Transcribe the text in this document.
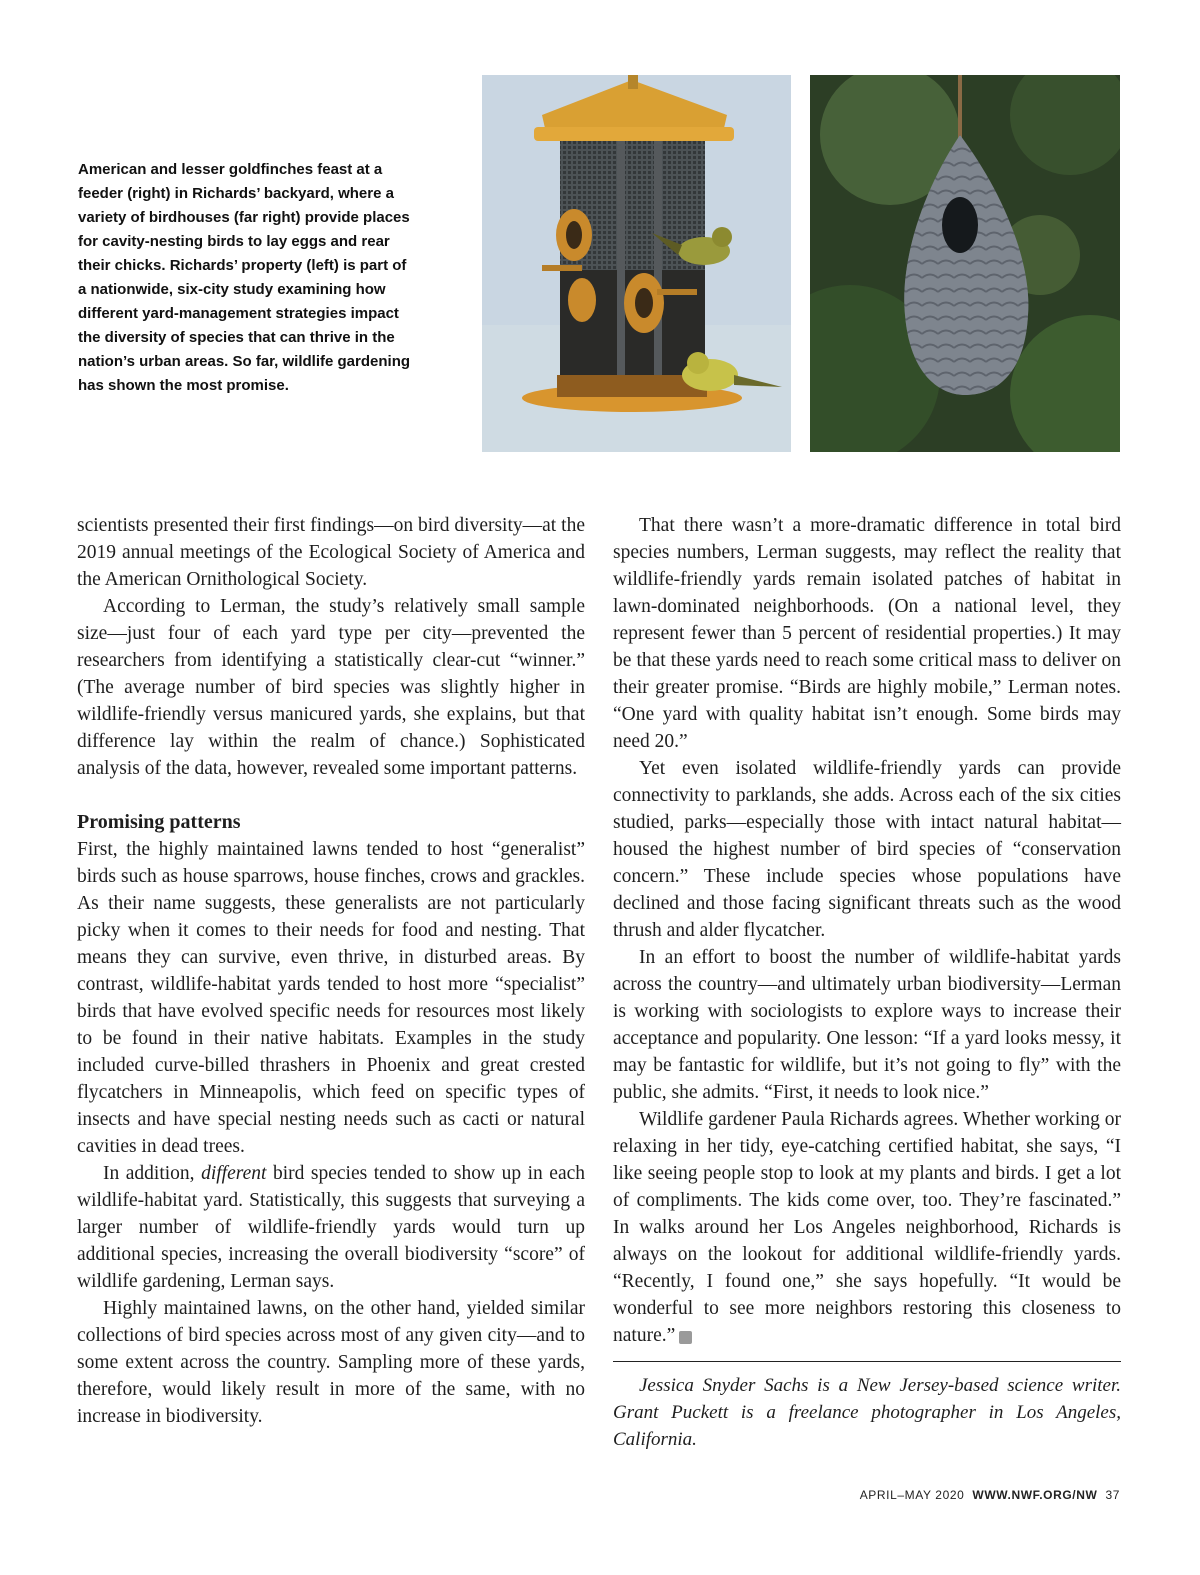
American and lesser goldfinches feast at a feeder (right) in Richards’ backyard, where a variety of birdhouses (far right) provide places for cavity-nesting birds to lay eggs and rear their chicks. Richards’ property (left) is part of a nationwide, six-city study examining how different yard-management strategies impact the diversity of species that can thrive in the nation’s urban areas. So far, wildlife gardening has shown the most promise.

scientists presented their first findings—on bird diversity—at the 2019 annual meetings of the Ecological Society of America and the American Ornithological Society.

According to Lerman, the study’s relatively small sample size—just four of each yard type per city—prevented the researchers from identifying a statistically clear-cut “winner.” (The average number of bird species was slightly higher in wildlife-friendly versus manicured yards, she explains, but that difference lay within the realm of chance.) Sophisticated analysis of the data, however, revealed some important patterns.

Promising patterns

First, the highly maintained lawns tended to host “generalist” birds such as house sparrows, house finches, crows and grackles. As their name suggests, these generalists are not particularly picky when it comes to their needs for food and nesting. That means they can survive, even thrive, in disturbed areas. By contrast, wildlife-habitat yards tended to host more “specialist” birds that have evolved specific needs for resources most likely to be found in their native habitats. Examples in the study included curve-billed thrashers in Phoenix and great crested flycatchers in Minneapolis, which feed on specific types of insects and have special nesting needs such as cacti or natural cavities in dead trees.

In addition, different bird species tended to show up in each wildlife-habitat yard. Statistically, this suggests that surveying a larger number of wildlife-friendly yards would turn up additional species, increasing the overall biodiversity “score” of wildlife gardening, Lerman says.

Highly maintained lawns, on the other hand, yielded similar collections of bird species across most of any given city—and to some extent across the country. Sampling more of these yards, therefore, would likely result in more of the same, with no increase in biodiversity.

That there wasn’t a more-dramatic difference in total bird species numbers, Lerman suggests, may reflect the reality that wildlife-friendly yards remain isolated patches of habitat in lawn-dominated neighborhoods. (On a national level, they represent fewer than 5 percent of residential properties.) It may be that these yards need to reach some critical mass to deliver on their greater promise. “Birds are highly mobile,” Lerman notes. “One yard with quality habitat isn’t enough. Some birds may need 20.”

Yet even isolated wildlife-friendly yards can provide connectivity to parklands, she adds. Across each of the six cities studied, parks—especially those with intact natural habitat—housed the highest number of bird species of “conservation concern.” These include species whose populations have declined and those facing significant threats such as the wood thrush and alder flycatcher.

In an effort to boost the number of wildlife-habitat yards across the country—and ultimately urban biodiversity—Lerman is working with sociologists to explore ways to increase their acceptance and popularity. One lesson: “If a yard looks messy, it may be fantastic for wildlife, but it’s not going to fly” with the public, she admits. “First, it needs to look nice.”

Wildlife gardener Paula Richards agrees. Whether working or relaxing in her tidy, eye-catching certified habitat, she says, “I like seeing people stop to look at my plants and birds. I get a lot of compliments. The kids come over, too. They’re fascinated.” In walks around her Los Angeles neighborhood, Richards is always on the lookout for additional wildlife-friendly yards. “Recently, I found one,” she says hopefully. “It would be wonderful to see more neighbors restoring this closeness to nature.”	W

Jessica Snyder Sachs is a New Jersey-based science writer. Grant Puckett is a freelance photographer in Los Angeles, California.

APRIL–MAY 2020 WWW.NWF.ORG/NW 37
